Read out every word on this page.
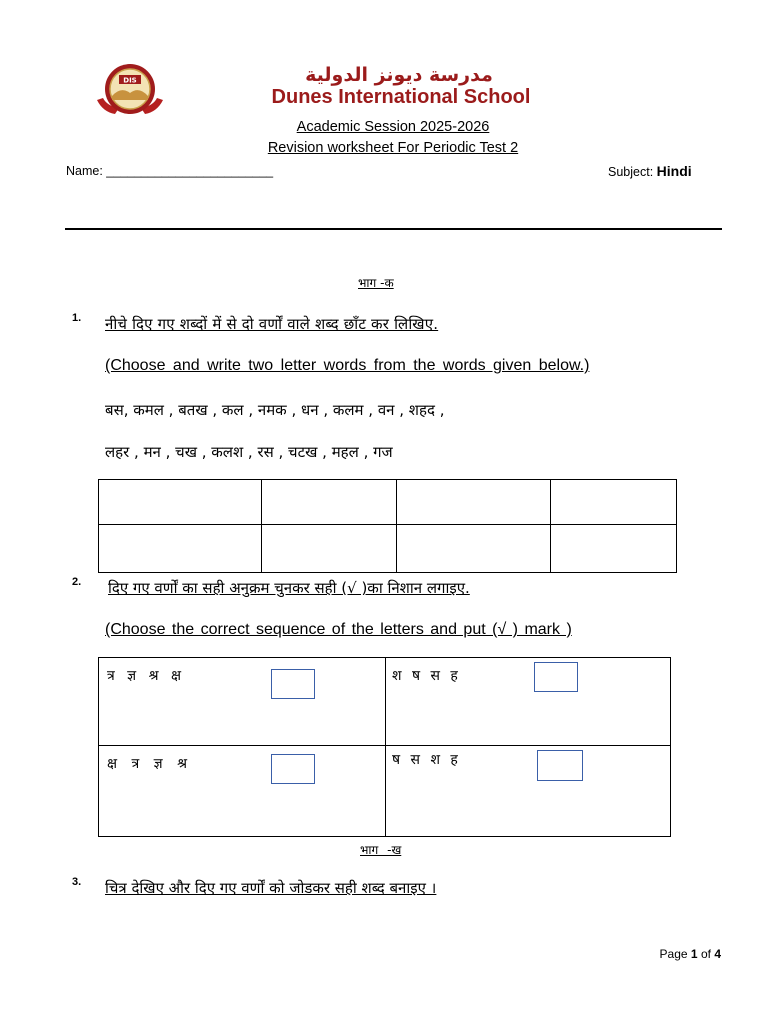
DIS	مدرسة ديونز الدولية
Dunes International School
Academic Session 2025-2026
Revision worksheet For Periodic Test 2
Name: ________________________	Subject: Hindi
भाग -क
1. नीचे दिए गए शब्दों में से दो वर्णों वाले शब्द छाँट कर लिखिए.
(Choose and write two letter words from the words given below.)
बस, कमल , बतख , कल , नमक , धन , कलम , वन , शहद ,
लहर , मन , चख , कलश , रस , चटख , महल , गज

2. दिए गए वर्णों का सही अनुक्रम चुनकर सही (√ )का निशान लगाइए.
(Choose the correct sequence of the letters and put (√ ) mark )
त्र ज्ञ श्र क्ष	श ष स ह
क्ष त्र ज्ञ श्र	ष स श ह
भाग -ख
3. चित्र देखिए और दिए गए वर्णों को जोडकर सही शब्द बनाइए ।
Page 1 of 4
